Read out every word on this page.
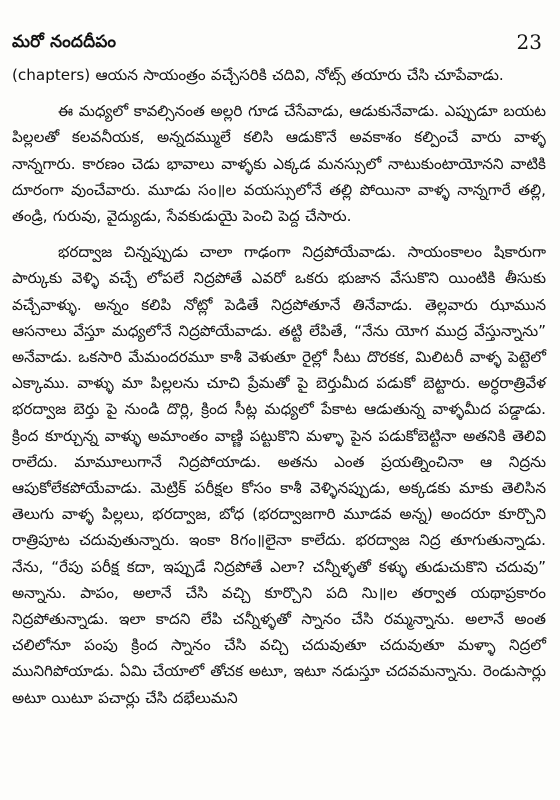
మరో నందదీపం	23

(chapters) ఆయన సాయంత్రం వచ్చేసరికి చదివి, నోట్స్ తయారు చేసి చూపేవాడు.

ఈ మధ్యలో కావల్సినంత అల్లరి గూడ చేసేవాడు, ఆడుకునేవాడు. ఎప్పుడూ బయట పిల్లలతో కలవనీయక, అన్నదమ్ములే కలిసి ఆడుకొనే అవకాశం కల్పించే వారు వాళ్ళ నాన్నగారు. కారణం చెడు భావాలు వాళ్ళకు ఎక్కడ మనస్సులో నాటుకుంటాయోనని వాటికి దూరంగా వుంచేవారు. మూడు సం॥ల వయస్సులోనే తల్లి పోయినా వాళ్ళ నాన్నగారే తల్లి, తండ్రి, గురువు, వైద్యుడు, సేవకుడుయై పెంచి పెద్ద చేసారు.

భరద్వాజ చిన్నప్పుడు చాలా గాఢంగా నిద్రపోయేవాడు. సాయంకాలం షికారుగా పార్కుకు వెళ్ళి వచ్చే లోపలే నిద్రపోతే ఎవరో ఒకరు భుజాన వేసుకొని యింటికి తీసుకు వచ్చేవాళ్ళు. అన్నం కలిపి నోట్లో పెడితే నిద్రపోతూనే తినేవాడు. తెల్లవారు ఝామున ఆసనాలు వేస్తూ మధ్యలోనే నిద్రపోయేవాడు. తట్టి లేపితే, “నేను యోగ ముద్ర వేస్తున్నాను” అనేవాడు. ఒకసారి మేమందరమూ కాశీ వెళుతూ రైల్లో సీటు దొరకక, మిలిటరీ వాళ్ళ పెట్టెలో ఎక్కాము. వాళ్ళు మా పిల్లలను చూచి ప్రేమతో పై బెర్తుమీద పడుకో బెట్టారు. అర్ధరాత్రివేళ భరద్వాజ బెర్తు పై నుండి దొర్లి, క్రింద సీట్ల మధ్యలో పేకాట ఆడుతున్న వాళ్ళమీద పడ్డాడు. క్రింద కూర్చున్న వాళ్ళు అమాంతం వాణ్ణి పట్టుకొని మళ్ళా పైన పడుకోబెట్టినా అతనికి తెలివి రాలేదు. మామూలుగానే నిద్రపోయాడు. అతను ఎంత ప్రయత్నించినా ఆ నిద్రను ఆపుకోలేకపోయేవాడు. మెట్రిక్ పరీక్షల కోసం కాశీ వెళ్ళినప్పుడు, అక్కడకు మాకు తెలిసిన తెలుగు వాళ్ళ పిల్లలు, భరద్వాజ, బోధ (భరద్వాజగారి మూడవ అన్న) అందరూ కూర్చొని రాత్రిపూట చదువుతున్నారు. ఇంకా 8గం॥లైనా కాలేదు. భరద్వాజ నిద్ర తూగుతున్నాడు. నేను, “రేపు పరీక్ష కదా, ఇప్పుడే నిద్రపోతే ఎలా? చన్నీళ్ళతో కళ్ళు తుడుచుకొని చదువు” అన్నాను. పాపం, అలానే చేసి వచ్చి కూర్చొని పది నిు॥ల తర్వాత యథాప్రకారం నిద్రపోతున్నాడు. ఇలా కాదని లేపి చన్నీళ్ళతో స్నానం చేసి రమ్మన్నాను. అలానే అంత చలిలోనూ పంపు క్రింద స్నానం చేసి వచ్చి చదువుతూ చదువుతూ మళ్ళా నిద్రలో మునిగిపోయాడు. ఏమి చేయాలో తోచక అటూ, ఇటూ నడుస్తూ చదవమన్నాను. రెండుసార్లు అటూ యిటూ పచార్లు చేసి దభేలుమని
